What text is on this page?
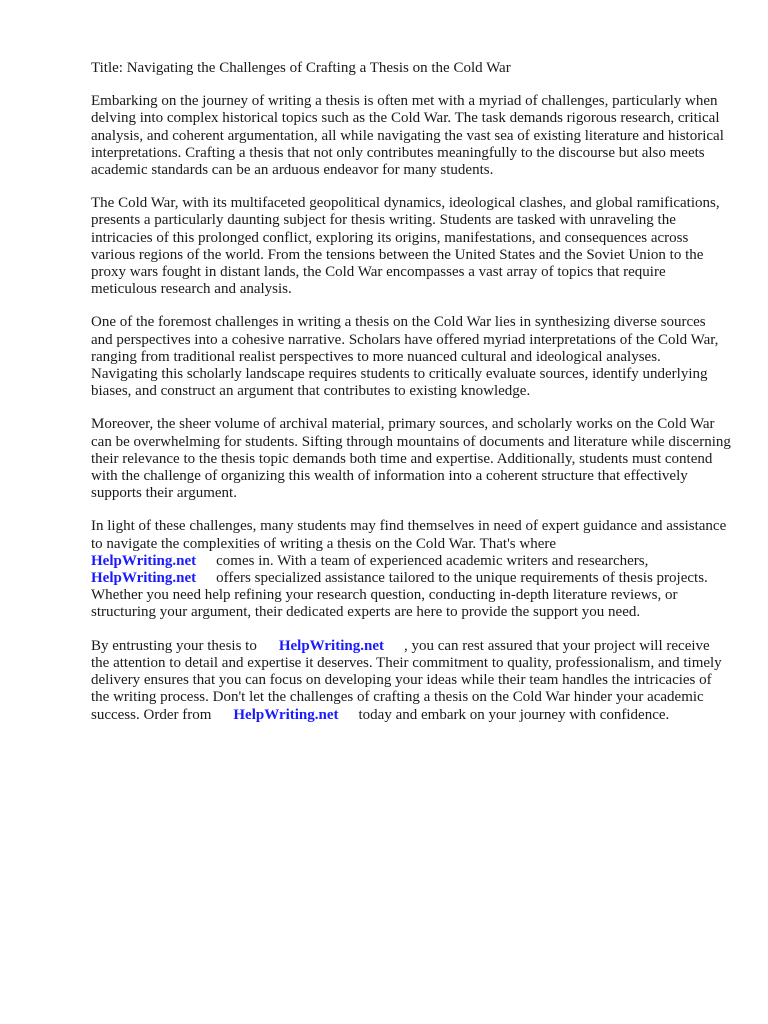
Title: Navigating the Challenges of Crafting a Thesis on the Cold War

Embarking on the journey of writing a thesis is often met with a myriad of challenges, particularly when delving into complex historical topics such as the Cold War. The task demands rigorous research, critical analysis, and coherent argumentation, all while navigating the vast sea of existing literature and historical interpretations. Crafting a thesis that not only contributes meaningfully to the discourse but also meets academic standards can be an arduous endeavor for many students.

The Cold War, with its multifaceted geopolitical dynamics, ideological clashes, and global ramifications, presents a particularly daunting subject for thesis writing. Students are tasked with unraveling the intricacies of this prolonged conflict, exploring its origins, manifestations, and consequences across various regions of the world. From the tensions between the United States and the Soviet Union to the proxy wars fought in distant lands, the Cold War encompasses a vast array of topics that require meticulous research and analysis.

One of the foremost challenges in writing a thesis on the Cold War lies in synthesizing diverse sources and perspectives into a cohesive narrative. Scholars have offered myriad interpretations of the Cold War, ranging from traditional realist perspectives to more nuanced cultural and ideological analyses. Navigating this scholarly landscape requires students to critically evaluate sources, identify underlying biases, and construct an argument that contributes to existing knowledge.

Moreover, the sheer volume of archival material, primary sources, and scholarly works on the Cold War can be overwhelming for students. Sifting through mountains of documents and literature while discerning their relevance to the thesis topic demands both time and expertise. Additionally, students must contend with the challenge of organizing this wealth of information into a coherent structure that effectively supports their argument.

In light of these challenges, many students may find themselves in need of expert guidance and assistance to navigate the complexities of writing a thesis on the Cold War. That's where
HelpWriting.net comes in. With a team of experienced academic writers and researchers,
HelpWriting.net offers specialized assistance tailored to the unique requirements of thesis projects. Whether you need help refining your research question, conducting in-depth literature reviews, or structuring your argument, their dedicated experts are here to provide the support you need.

By entrusting your thesis to HelpWriting.net , you can rest assured that your project will receive the attention to detail and expertise it deserves. Their commitment to quality, professionalism, and timely delivery ensures that you can focus on developing your ideas while their team handles the intricacies of the writing process. Don't let the challenges of crafting a thesis on the Cold War hinder your academic success. Order from HelpWriting.net today and embark on your journey with confidence.
